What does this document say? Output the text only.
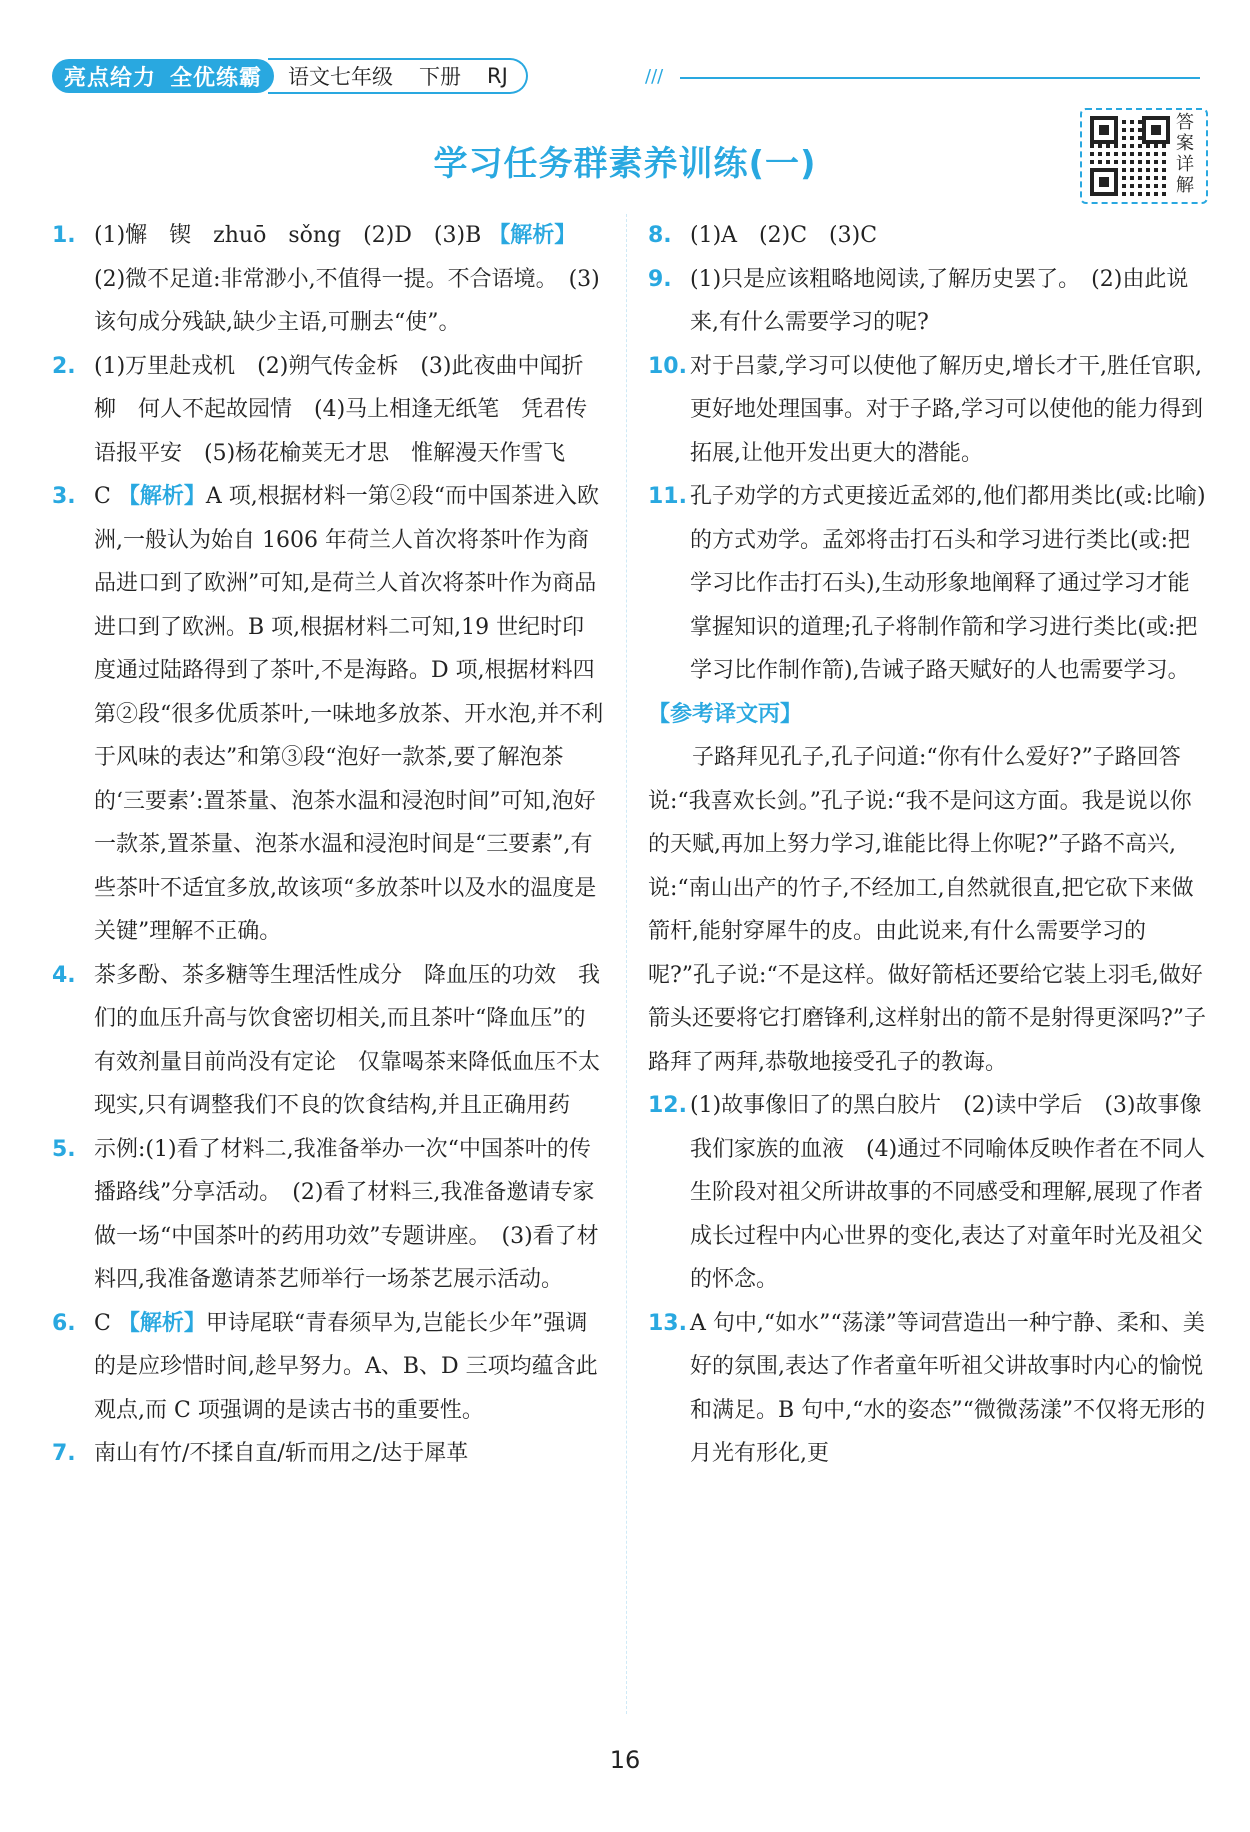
亮点给力 全优练霸 语文七年级 下册 RJ	///
答案详解
学习任务群素养训练(一)
1. (1)懈　锲　zhuō　sǒng　(2)D　(3)B 【解析】(2)微不足道:非常渺小,不值得一提。不合语境。　(3)该句成分残缺,缺少主语,可删去“使”。
2. (1)万里赴戎机　(2)朔气传金柝　(3)此夜曲中闻折柳　何人不起故园情　(4)马上相逢无纸笔　凭君传语报平安　(5)杨花榆荚无才思　惟解漫天作雪飞
3. C 【解析】A 项,根据材料一第②段“而中国茶进入欧洲,一般认为始自 1606 年荷兰人首次将茶叶作为商品进口到了欧洲”可知,是荷兰人首次将茶叶作为商品进口到了欧洲。B 项,根据材料二可知,19 世纪时印度通过陆路得到了茶叶,不是海路。D 项,根据材料四第②段“很多优质茶叶,一味地多放茶、开水泡,并不利于风味的表达”和第③段“泡好一款茶,要了解泡茶的‘三要素’:置茶量、泡茶水温和浸泡时间”可知,泡好一款茶,置茶量、泡茶水温和浸泡时间是“三要素”,有些茶叶不适宜多放,故该项“多放茶叶以及水的温度是关键”理解不正确。
4. 茶多酚、茶多糖等生理活性成分　降血压的功效　我们的血压升高与饮食密切相关,而且茶叶“降血压”的有效剂量目前尚没有定论　仅靠喝茶来降低血压不太现实,只有调整我们不良的饮食结构,并且正确用药
5. 示例:(1)看了材料二,我准备举办一次“中国茶叶的传播路线”分享活动。　(2)看了材料三,我准备邀请专家做一场“中国茶叶的药用功效”专题讲座。　(3)看了材料四,我准备邀请茶艺师举行一场茶艺展示活动。
6. C 【解析】甲诗尾联“青春须早为,岂能长少年”强调的是应珍惜时间,趁早努力。A、B、D 三项均蕴含此观点,而 C 项强调的是读古书的重要性。
7. 南山有竹/不揉自直/斩而用之/达于犀革
8. (1)A　(2)C　(3)C
9. (1)只是应该粗略地阅读,了解历史罢了。　(2)由此说来,有什么需要学习的呢?
10. 对于吕蒙,学习可以使他了解历史,增长才干,胜任官职,更好地处理国事。对于子路,学习可以使他的能力得到拓展,让他开发出更大的潜能。
11. 孔子劝学的方式更接近孟郊的,他们都用类比(或:比喻)的方式劝学。孟郊将击打石头和学习进行类比(或:把学习比作击打石头),生动形象地阐释了通过学习才能掌握知识的道理;孔子将制作箭和学习进行类比(或:把学习比作制作箭),告诫子路天赋好的人也需要学习。
【参考译文丙】
子路拜见孔子,孔子问道:“你有什么爱好?”子路回答说:“我喜欢长剑。”孔子说:“我不是问这方面。我是说以你的天赋,再加上努力学习,谁能比得上你呢?”子路不高兴,说:“南山出产的竹子,不经加工,自然就很直,把它砍下来做箭杆,能射穿犀牛的皮。由此说来,有什么需要学习的呢?”孔子说:“不是这样。做好箭栝还要给它装上羽毛,做好箭头还要将它打磨锋利,这样射出的箭不是射得更深吗?”子路拜了两拜,恭敬地接受孔子的教诲。
12. (1)故事像旧了的黑白胶片　(2)读中学后　(3)故事像我们家族的血液　(4)通过不同喻体反映作者在不同人生阶段对祖父所讲故事的不同感受和理解,展现了作者成长过程中内心世界的变化,表达了对童年时光及祖父的怀念。
13. A 句中,“如水”“荡漾”等词营造出一种宁静、柔和、美好的氛围,表达了作者童年听祖父讲故事时内心的愉悦和满足。B 句中,“水的姿态”“微微荡漾”不仅将无形的月光有形化,更
16
